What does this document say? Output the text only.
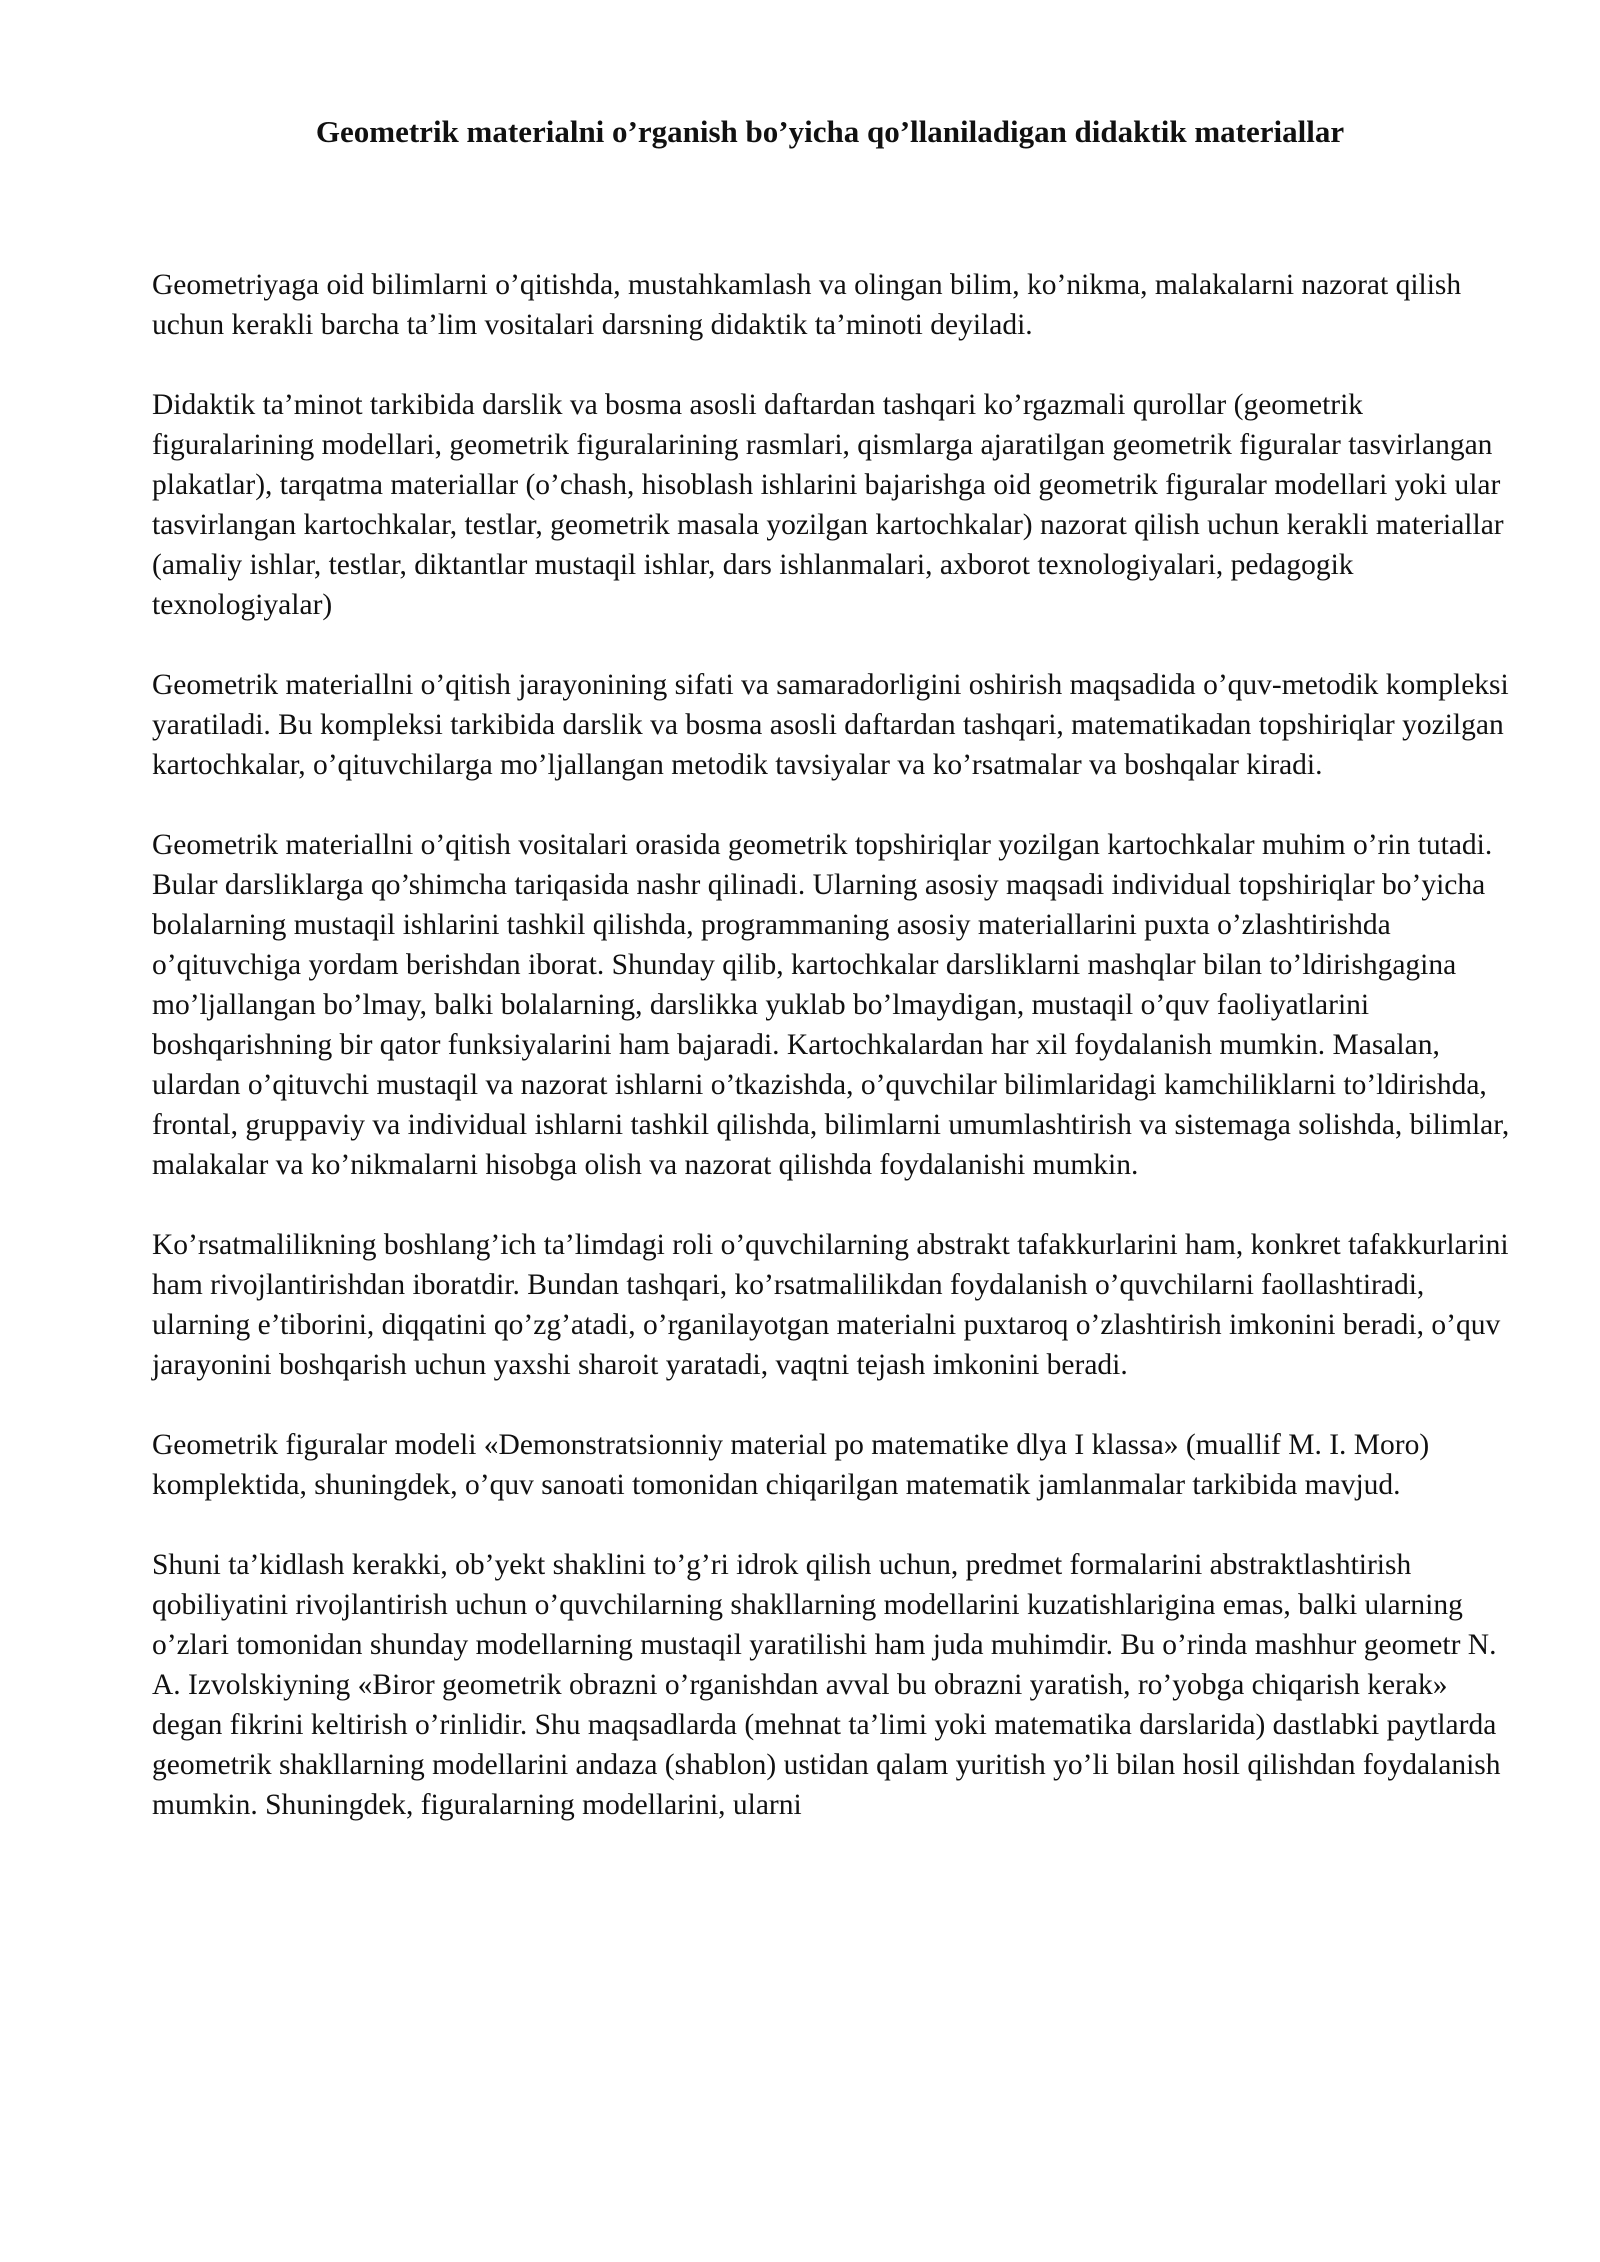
Geometrik materialni o’rganish bo’yicha qo’llaniladigan didaktik materiallar

Geometriyaga oid bilimlarni o’qitishda, mustahkamlash va olingan bilim, ko’nikma, malakalarni nazorat qilish uchun kerakli barcha ta’lim vositalari darsning didaktik ta’minoti deyiladi.

Didaktik ta’minot tarkibida darslik va bosma asosli daftardan tashqari ko’rgazmali qurollar (geometrik figuralarining modellari, geometrik figuralarining rasmlari, qismlarga ajaratilgan geometrik figuralar tasvirlangan plakatlar), tarqatma materiallar (o’chash, hisoblash ishlarini bajarishga oid geometrik figuralar modellari yoki ular tasvirlangan kartochkalar, testlar, geometrik masala yozilgan kartochkalar) nazorat qilish uchun kerakli materiallar (amaliy ishlar, testlar, diktantlar mustaqil ishlar, dars ishlanmalari, axborot texnologiyalari, pedagogik texnologiyalar)

Geometrik materiallni o’qitish jarayonining sifati va samaradorligini oshirish maqsadida o’quv-metodik kompleksi yaratiladi. Bu kompleksi tarkibida darslik va bosma asosli daftardan tashqari, matematikadan topshiriqlar yozilgan kartochkalar, o’qituvchilarga mo’ljallangan metodik tavsiyalar va ko’rsatmalar va boshqalar kiradi.

Geometrik materiallni o’qitish vositalari orasida geometrik topshiriqlar yozilgan kartochkalar muhim o’rin tutadi. Bular darsliklarga qo’shimcha tariqasida nashr qilinadi. Ularning asosiy maqsadi individual topshiriqlar bo’yicha bolalarning mustaqil ishlarini tashkil qilishda, programmaning asosiy materiallarini puxta o’zlashtirishda o’qituvchiga yordam berishdan iborat. Shunday qilib, kartochkalar darsliklarni mashqlar bilan to’ldirishgagina mo’ljallangan bo’lmay, balki bolalarning, darslikka yuklab bo’lmaydigan, mustaqil o’quv faoliyatlarini boshqarishning bir qator funksiyalarini ham bajaradi. Kartochkalardan har xil foydalanish mumkin. Masalan, ulardan o’qituvchi mustaqil va nazorat ishlarni o’tkazishda, o’quvchilar bilimlaridagi kamchiliklarni to’ldirishda, frontal, gruppaviy va individual ishlarni tashkil qilishda, bilimlarni umumlashtirish va sistemaga solishda, bilimlar, malakalar va ko’nikmalarni hisobga olish va nazorat qilishda foydalanishi mumkin.

Ko’rsatmalilikning boshlang’ich ta’limdagi roli o’quvchilarning abstrakt tafakkurlarini ham, konkret tafakkurlarini ham rivojlantirishdan iboratdir. Bundan tashqari, ko’rsatmalilikdan foydalanish o’quvchilarni faollashtiradi, ularning e’tiborini, diqqatini qo’zg’atadi, o’rganilayotgan materialni puxtaroq o’zlashtirish imkonini beradi, o’quv jarayonini boshqarish uchun yaxshi sharoit yaratadi, vaqtni tejash imkonini beradi.

Geometrik figuralar modeli «Demonstratsionniy material po matematike dlya I klassa» (muallif M. I. Moro) komplektida, shuningdek, o’quv sanoati tomonidan chiqarilgan matematik jamlanmalar tarkibida mavjud.

Shuni ta’kidlash kerakki, ob’yekt shaklini to’g’ri idrok qilish uchun, predmet formalarini abstraktlashtirish qobiliyatini rivojlantirish uchun o’quvchilarning shakllarning modellarini kuzatishlarigina emas, balki ularning o’zlari tomonidan shunday modellarning mustaqil yaratilishi ham juda muhimdir. Bu o’rinda mashhur geometr N. A. Izvolskiyning «Biror geometrik obrazni o’rganishdan avval bu obrazni yaratish, ro’yobga chiqarish kerak» degan fikrini keltirish o’rinlidir. Shu maqsadlarda (mehnat ta’limi yoki matematika darslarida) dastlabki paytlarda geometrik shakllarning modellarini andaza (shablon) ustidan qalam yuritish yo’li bilan hosil qilishdan foydalanish mumkin. Shuningdek, figuralarning modellarini, ularni
